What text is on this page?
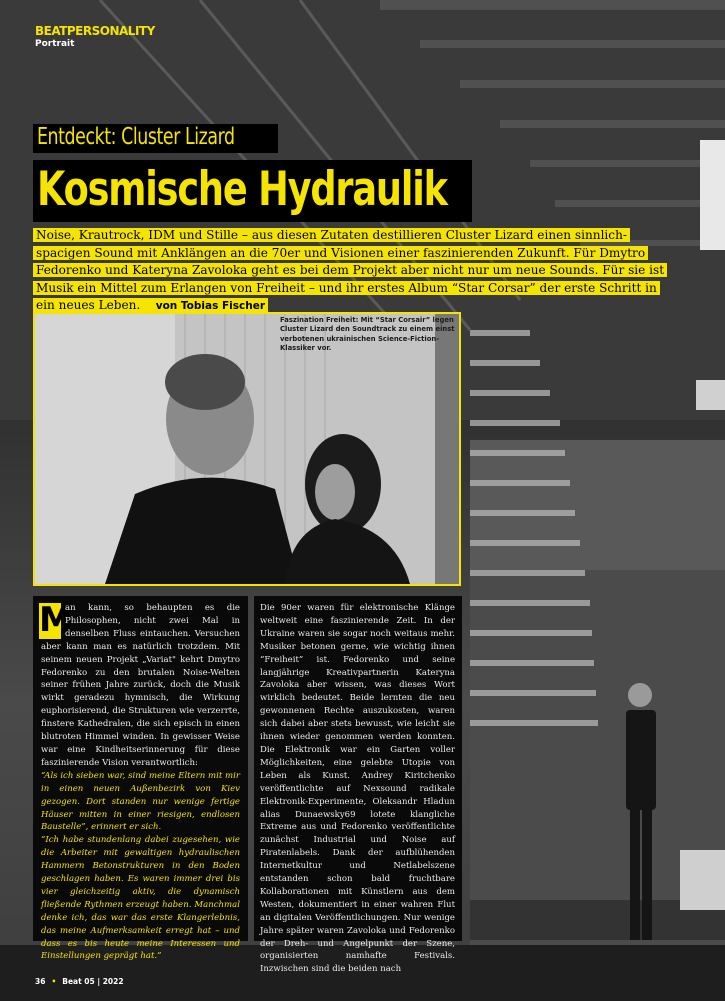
BEATPERSONALITY
Portrait
Entdeckt: Cluster Lizard
Kosmische Hydraulik
Noise, Krautrock, IDM und Stille – aus diesen Zutaten destillieren Cluster Lizard einen sinnlich-spacigen Sound mit Anklängen an die 70er und Visionen einer faszinierenden Zukunft. Für Dmytro Fedorenko und Kateryna Zavoloka geht es bei dem Projekt aber nicht nur um neue Sounds. Für sie ist Musik ein Mittel zum Erlangen von Freiheit – und ihr erstes Album “Star Corsar” der erste Schritt in ein neues Leben. von Tobias Fischer
Faszination Freiheit: Mit “Star Corsair” legen Cluster Lizard den Soundtrack zu einem einst verbotenen ukrainischen Science-Fiction-Klassiker vor.
M

an kann, so behaupten es die Philosophen, nicht zwei Mal in denselben Fluss eintauchen. Versuchen aber kann man es natürlich trotzdem. Mit seinem neuen Projekt „Variat" kehrt Dmytro Fedorenko zu den brutalen Noise-Welten seiner frühen Jahre zurück, doch die Musik wirkt geradezu hymnisch, die Wirkung euphorisierend, die Strukturen wie verzerrte, finstere Kathedralen, die sich episch in einen blutroten Himmel winden. In gewisser Weise war eine Kindheitserinnerung für diese faszinierende Vision verantwortlich:

“Als ich sieben war, sind meine Eltern mit mir in einen neuen Außenbezirk von Kiev gezogen. Dort standen nur wenige fertige Häuser mitten in einer riesigen, endlosen Baustelle”, erinnert er sich.

“Ich habe stundenlang dabei zugesehen, wie die Arbeiter mit gewaltigen hydraulischen Hammern Betonstrukturen in den Boden geschlagen haben. Es waren immer drei bis vier gleichzeitig aktiv, die dynamisch fließende Rythmen erzeugt haben. Manchmal denke ich, das war das erste Klangerlebnis, das meine Aufmerksamkeit erregt hat – und dass es bis heute meine Interessen und Einstellungen geprägt hat.”

Die 90er waren für elektronische Klänge weltweit eine faszinierende Zeit. In der Ukraine waren sie sogar noch weitaus mehr. Musiker betonen gerne, wie wichtig ihnen “Freiheit” ist. Fedorenko und seine langjährige Kreativpartnerin Kateryna Zavoloka aber wissen, was dieses Wort wirklich bedeutet. Beide lernten die neu gewonnenen Rechte auszukosten, waren sich dabei aber stets bewusst, wie leicht sie ihnen wieder genommen werden konnten. Die Elektronik war ein Garten voller Möglichkeiten, eine gelebte Utopie von Leben als Kunst. Andrey Kiritchenko veröffentlichte auf Nexsound radikale Elektronik-Experimente, Oleksandr Hladun alias Dunaewsky69 lotete klangliche Extreme aus und Fedorenko veröffentlichte zunächst Industrial und Noise auf Piratenlabels. Dank der aufblühenden Internetkultur und Netlabelszene entstanden schon bald fruchtbare Kollaborationen mit Künstlern aus dem Westen, dokumentiert in einer wahren Flut an digitalen Veröffentlichungen. Nur wenige Jahre später waren Zavoloka und Fedorenko der Dreh- und Angelpunkt der Szene, organisierten namhafte Festivals. Inzwischen sind die beiden nach

36 • Beat 05 | 2022
